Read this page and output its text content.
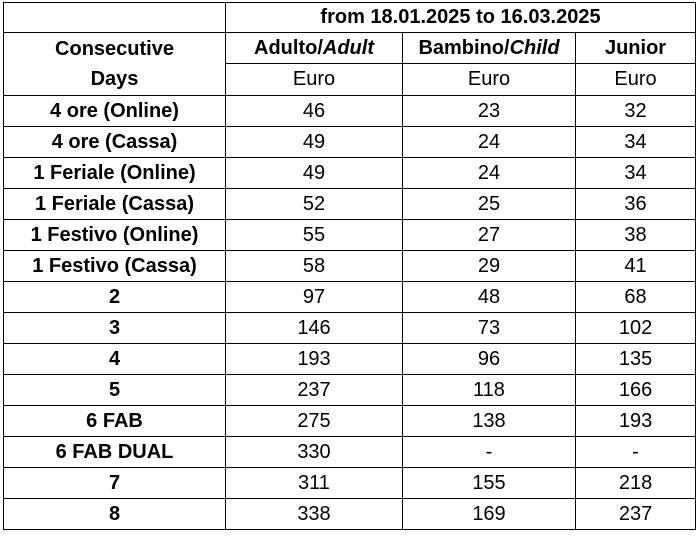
	from 18.01.2025 to 16.03.2025		
Consecutive
Days	Adulto/Adult	Bambino/Child	Junior
	Euro	Euro	Euro
4 ore (Online)	46	23	32
4 ore (Cassa)	49	24	34
1 Feriale (Online)	49	24	34
1 Feriale (Cassa)	52	25	36
1 Festivo (Online)	55	27	38
1 Festivo (Cassa)	58	29	41
2	97	48	68
3	146	73	102
4	193	96	135
5	237	118	166
6 FAB	275	138	193
6 FAB DUAL	330	-	-
7	311	155	218
8	338	169	237
